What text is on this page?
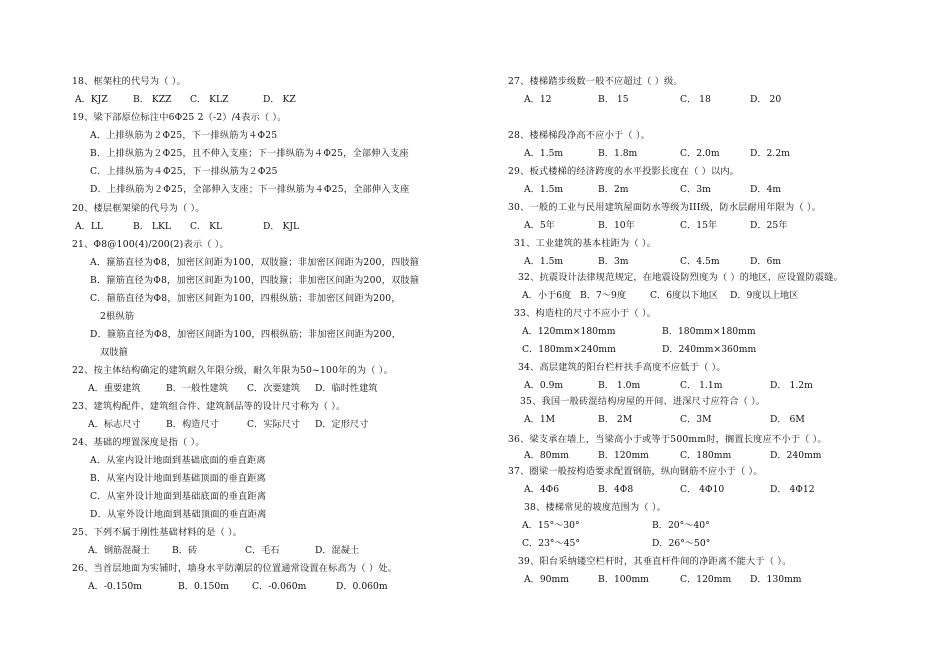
18、框架柱的代号为（ ）。
A．KJZ	B． KZZ C． KLZ	D． KZ
19、梁下部原位标注中6Φ25 2（-2）/4表示（ ）。
A．上排纵筋为２Φ25，下一排纵筋为４Φ25
B．上排纵筋为２Φ25，且不伸入支座；下一排纵筋为４Φ25，全部伸入支座
C．上排纵筋为４Φ25，下一排纵筋为２Φ25
D．上排纵筋为２Φ25，全部伸入支座；下一排纵筋为４Φ25，全部伸入支座
20、楼层框架梁的代号为（ ）。
A．LL	B． LKL C． KL	D． KJL
21、Φ8@100(4)/200(2)表示（ ）。
A．箍筋直径为Φ8，加密区间距为100，双肢箍；非加密区间距为200，四肢箍
B．箍筋直径为Φ8，加密区间距为100，四肢箍；非加密区间距为200，双肢箍
C．箍筋直径为Φ8，加密区间距为100，四根纵筋；非加密区间距为200，
2根纵筋
D．箍筋直径为Φ8，加密区间距为100，四根纵筋；非加密区间距为200，
双肢箍
22、按主体结构确定的建筑耐久年限分级，耐久年限为50~100年的为（ ）。
A．重要建筑	B．一般性建筑 C．次要建筑 D．临时性建筑
23、建筑构配件、建筑组合件、建筑制品等的设计尺寸称为（ ）。
A．标志尺寸	B．构造尺寸	C．实际尺寸 D．定形尺寸
24、基础的埋置深度是指（ ）。
A．从室内设计地面到基础底面的垂直距离
B．从室内设计地面到基础顶面的垂直距离
C．从室外设计地面到基础底面的垂直距离
D．从室外设计地面到基础顶面的垂直距离
25、下列不属于刚性基础材料的是（ ）。
A．钢筋混凝土 B．砖	C．毛石	D．混凝土
26、当首层地面为实铺时，墙身水平防潮层的位置通常设置在标高为（ ）处。
A．-0.150m	B．0.150m	C．-0.060m	D．0.060m
27、楼梯踏步级数一般不应超过（ ）级。
A．12	B． 15	C． 18	D． 20
28、楼梯梯段净高不应小于（ ）。
A．1.5m	B．1.8m	C．2.0m	D．2.2m
29、板式楼梯的经济跨度的水平投影长度在（ ）以内。
A．1.5m	B．2m	C．3m	D．4m
30、一般的工业与民用建筑屋面防水等级为III级，防水层耐用年限为（ ）。
A．5年	B．10年	C．15年	D．25年
31、工业建筑的基本柱距为（ ）。
A．1.5m	B．3m	C．4.5m	D．6m
32、抗震设计法律规范规定，在地震设防烈度为（ ）的地区，应设置防震缝。
A．小于6度 B．7～9度	C．6度以下地区 D．9度以上地区
33、构造柱的尺寸不应小于（ ）。
A．120mm×180mm	B．180mm×180mm
C．180mm×240mm	D．240mm×360mm
34、高层建筑的阳台栏杆扶手高度不应低于（ ）。
A．0.9m	B． 1.0m	C． 1.1m	D． 1.2m
35、我国一般砖混结构房屋的开间、进深尺寸应符合（ ）。
A．1M	B． 2M	C．3M	D． 6M
36、梁支承在墙上，当梁高小于或等于500mm时，搁置长度应不小于（ ）。
A．80mm	B．120mm	C．180mm	D．240mm
37、圈梁一般按构造要求配置钢筋，纵向钢筋不应小于（ ）。
A．4Φ6	B．4Φ8	C． 4Φ10	D． 4Φ12
38、楼梯常见的坡度范围为（ ）。
A．15°～30°	B．20°～40°
C．23°～45°	D．26°～50°
39、阳台采纳镂空栏杆时，其垂直杆件间的净距离不能大于（ ）。
A．90mm	B．100mm	C．120mm D．130mm
